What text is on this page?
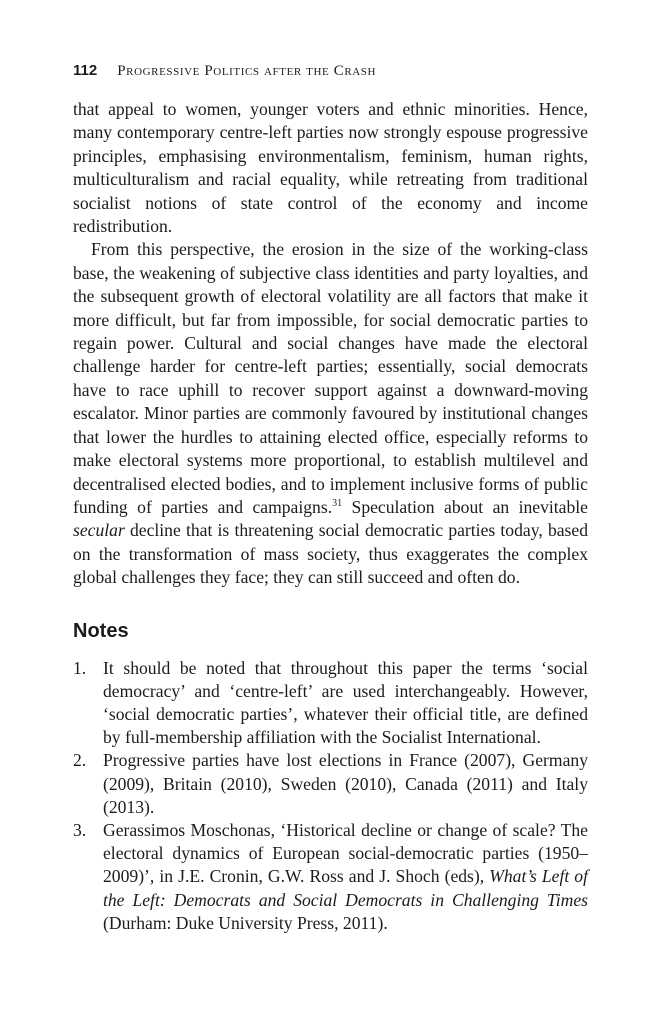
112 Progressive Politics after the Crash

that appeal to women, younger voters and ethnic minorities. Hence, many contemporary centre-left parties now strongly espouse progressive principles, emphasising environmentalism, feminism, human rights, multiculturalism and racial equality, while retreating from traditional socialist notions of state control of the economy and income redistribution.

From this perspective, the erosion in the size of the working-class base, the weakening of subjective class identities and party loyalties, and the subsequent growth of electoral volatility are all factors that make it more difficult, but far from impossible, for social democratic parties to regain power. Cultural and social changes have made the electoral challenge harder for centre-left parties; essentially, social democrats have to race uphill to recover support against a downward-moving escalator. Minor parties are commonly favoured by institutional changes that lower the hurdles to attaining elected office, especially reforms to make electoral systems more proportional, to establish multilevel and decentralised elected bodies, and to implement inclusive forms of public funding of parties and campaigns.$^{31}$ Speculation about an inevitable secular decline that is threatening social democratic parties today, based on the transformation of mass society, thus exaggerates the complex global challenges they face; they can still succeed and often do.

Notes
1. It should be noted that throughout this paper the terms ‘social democracy’ and ‘centre-left’ are used interchangeably. However, ‘social democratic parties’, whatever their official title, are defined by full-membership affiliation with the Socialist International.
2. Progressive parties have lost elections in France (2007), Germany (2009), Britain (2010), Sweden (2010), Canada (2011) and Italy (2013).
3. Gerassimos Moschonas, ‘Historical decline or change of scale? The electoral dynamics of European social-democratic parties (1950–2009)’, in J.E. Cronin, G.W. Ross and J. Shoch (eds), What’s Left of the Left: Democrats and Social Democrats in Challenging Times (Durham: Duke University Press, 2011).
